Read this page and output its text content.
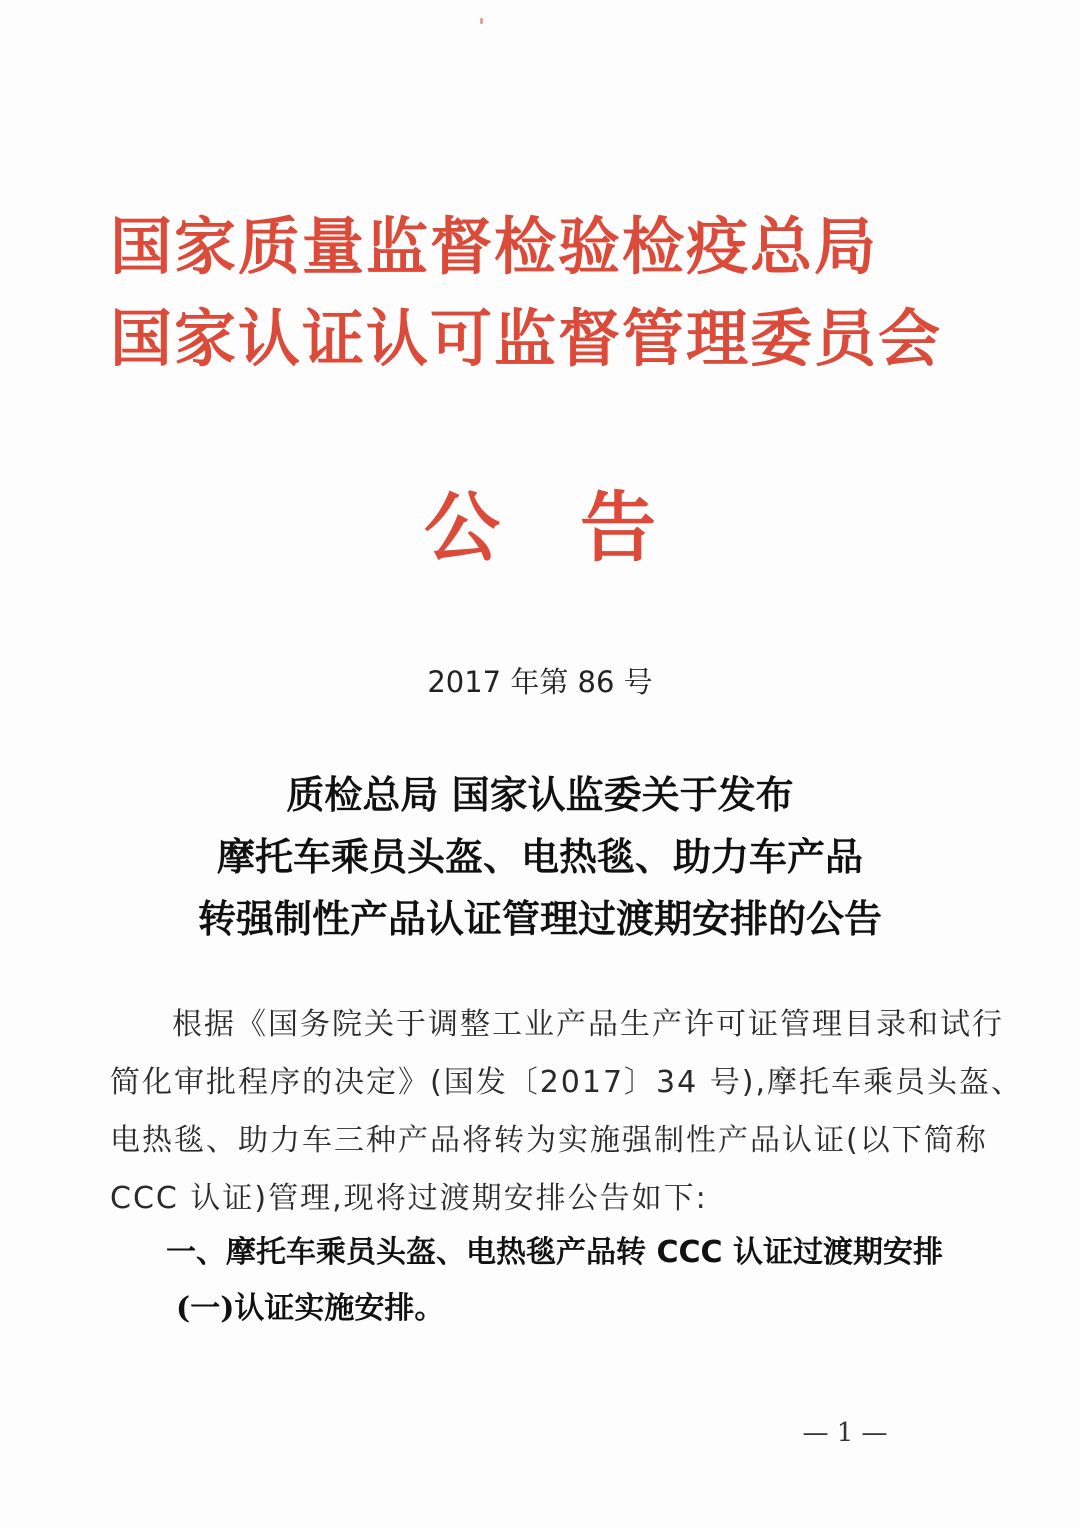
国家质量监督检验检疫总局
国家认证认可监督管理委员会
公告
2017 年第 86 号
质检总局 国家认监委关于发布
摩托车乘员头盔、电热毯、助力车产品
转强制性产品认证管理过渡期安排的公告
根据《国务院关于调整工业产品生产许可证管理目录和试行
简化审批程序的决定》(国发〔2017〕34 号),摩托车乘员头盔、
电热毯、助力车三种产品将转为实施强制性产品认证(以下简称
CCC 认证)管理,现将过渡期安排公告如下:
一、摩托车乘员头盔、电热毯产品转 CCC 认证过渡期安排
(一)认证实施安排。
— 1 —
